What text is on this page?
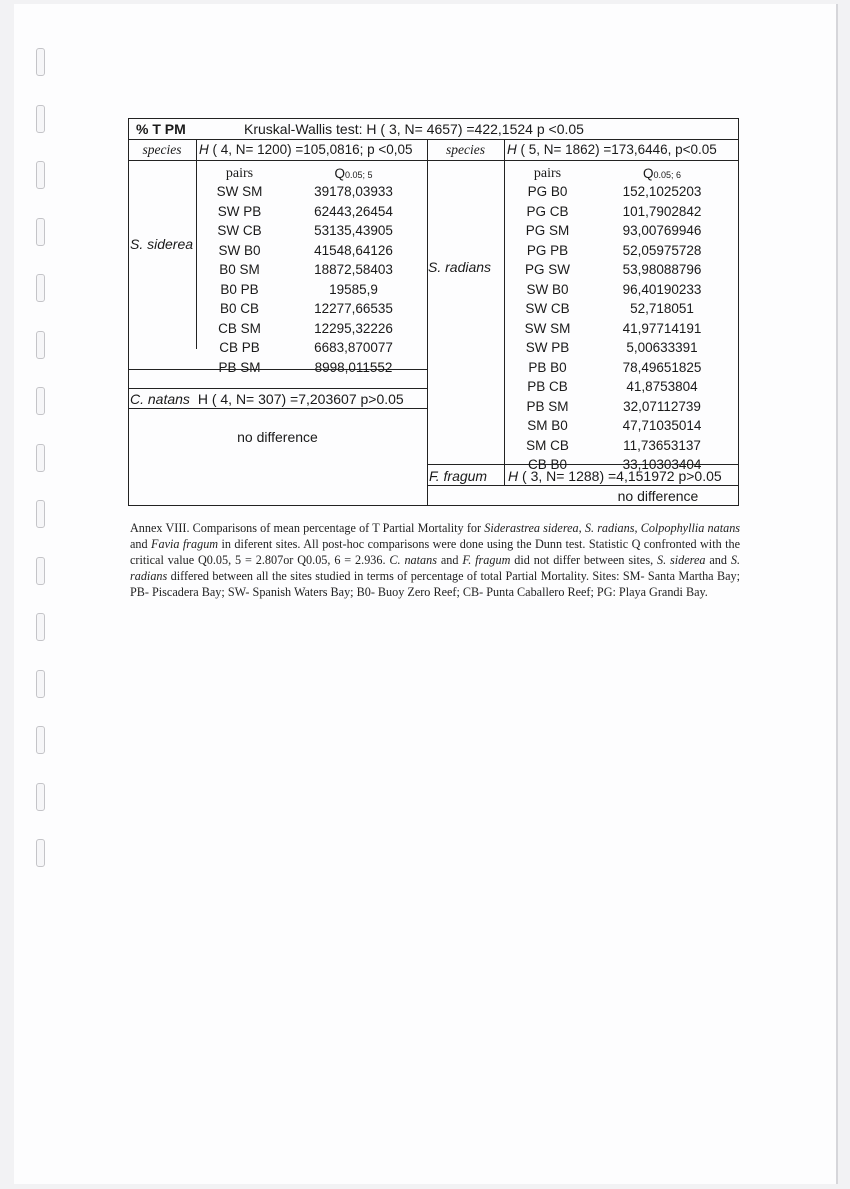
% T PM	Kruskal-Wallis test: H ( 3, N= 4657) =422,1524 p <0.05
species	H ( 4, N= 1200) =105,0816; p <0,05	species	H ( 5, N= 1862) =173,6446, p<0.05
pairs	Q0.05; 5
SW SM	39178,03933
SW PB	62443,26454
SW CB	53135,43905
SW B0	41548,64126
B0 SM	18872,58403
B0 PB	19585,9
B0 CB	12277,66535
CB SM	12295,32226
CB PB	6683,870077
PB SM	8998,011552
S. siderea
C. natans H ( 4, N= 307) =7,203607 p>0.05
no difference
pairs	Q0.05; 6
PG B0	152,1025203
PG CB	101,7902842
PG SM	93,00769946
PG PB	52,05975728
PG SW	53,98088796
SW B0	96,40190233
SW CB	52,718051
SW SM	41,97714191
SW PB	5,00633391
PB B0	78,49651825
PB CB	41,8753804
PB SM	32,07112739
SM B0	47,71035014
SM CB	11,73653137
CB B0	33,10303404
S. radians
F. fragum H ( 3, N= 1288) =4,151972 p>0.05
no difference

Annex VIII. Comparisons of mean percentage of T Partial Mortality for Siderastrea siderea, S. radians, Colpophyllia natans and Favia fragum in diferent sites. All post-hoc comparisons were done using the Dunn test. Statistic Q confronted with the critical value Q0.05, 5 = 2.807or Q0.05, 6 = 2.936. C. natans and F. fragum did not differ between sites, S. siderea and S. radians differed between all the sites studied in terms of percentage of total Partial Mortality. Sites: SM- Santa Martha Bay; PB- Piscadera Bay; SW- Spanish Waters Bay; B0- Buoy Zero Reef; CB- Punta Caballero Reef; PG: Playa Grandi Bay.
